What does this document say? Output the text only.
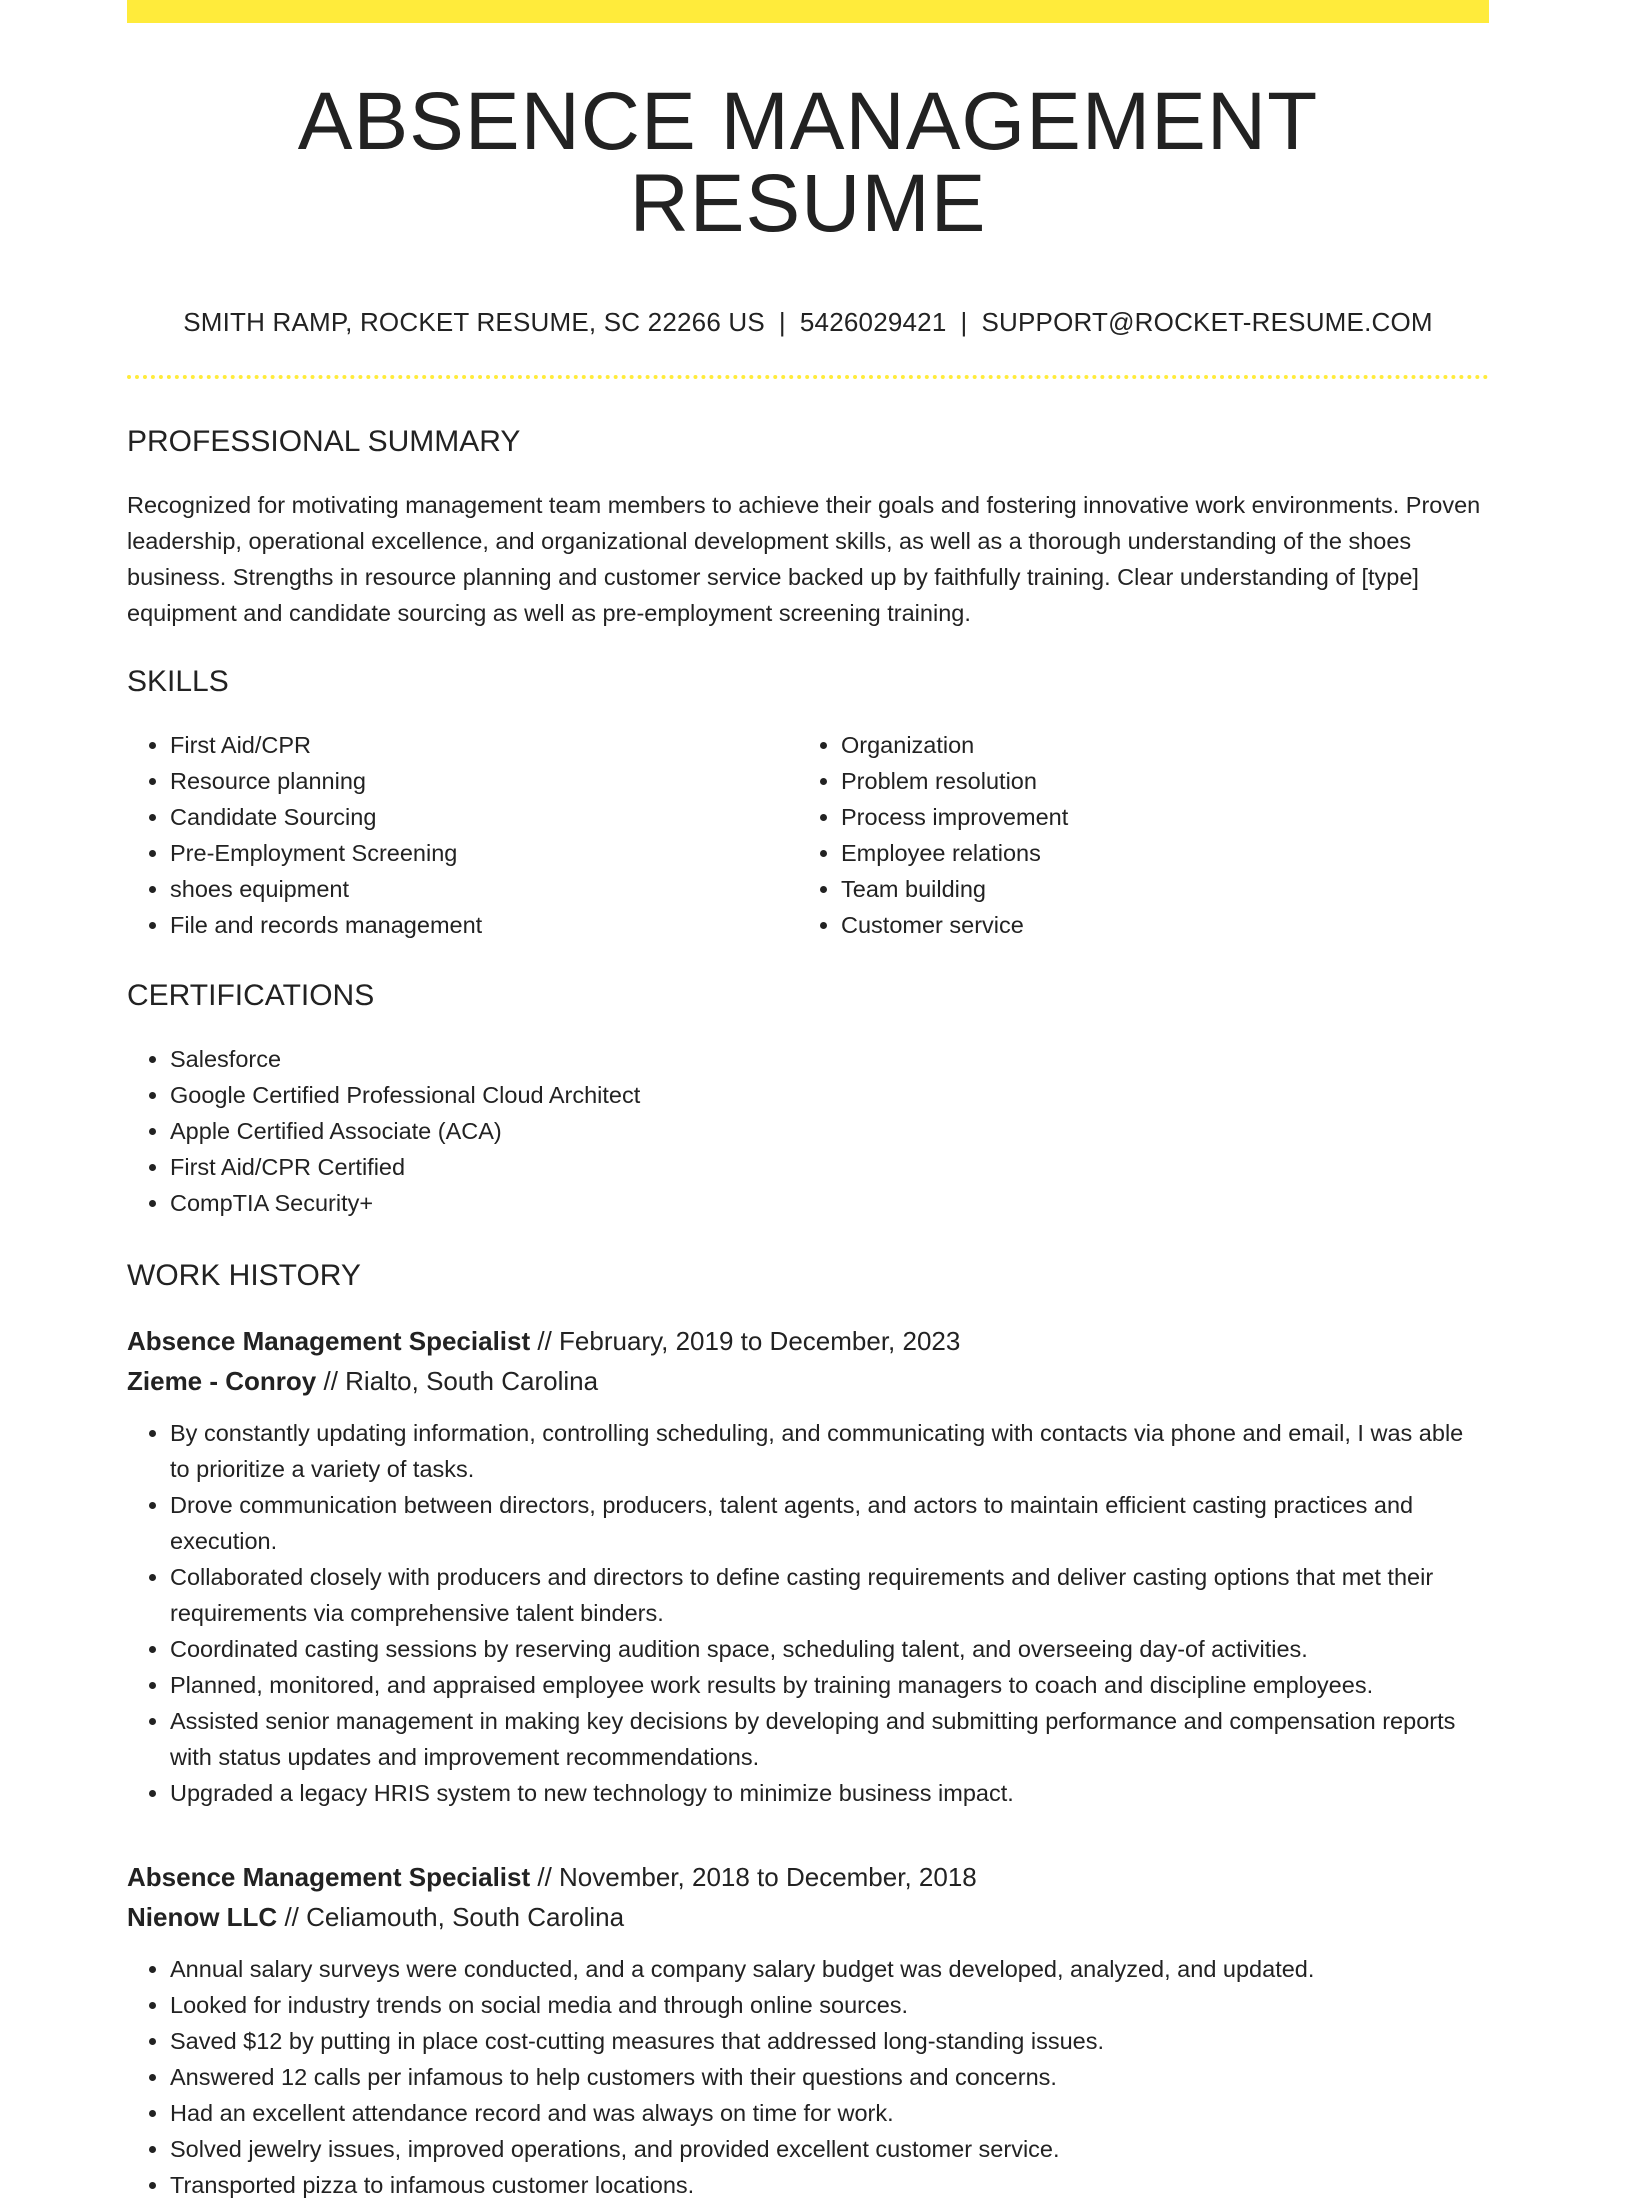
ABSENCE MANAGEMENT RESUME
SMITH RAMP, ROCKET RESUME, SC 22266 US | 5426029421 | SUPPORT@ROCKET-RESUME.COM
PROFESSIONAL SUMMARY

Recognized for motivating management team members to achieve their goals and fostering innovative work environments. Proven leadership, operational excellence, and organizational development skills, as well as a thorough understanding of the shoes business. Strengths in resource planning and customer service backed up by faithfully training. Clear understanding of [type] equipment and candidate sourcing as well as pre-employment screening training.

SKILLS
• First Aid/CPR
• Resource planning
• Candidate Sourcing
• Pre-Employment Screening
• shoes equipment
• File and records management
• Organization
• Problem resolution
• Process improvement
• Employee relations
• Team building
• Customer service
CERTIFICATIONS
• Salesforce
• Google Certified Professional Cloud Architect
• Apple Certified Associate (ACA)
• First Aid/CPR Certified
• CompTIA Security+
WORK HISTORY
Absence Management Specialist // February, 2019 to December, 2023
Zieme - Conroy // Rialto, South Carolina
• By constantly updating information, controlling scheduling, and communicating with contacts via phone and email, I was able to prioritize a variety of tasks.
• Drove communication between directors, producers, talent agents, and actors to maintain efficient casting practices and execution.
• Collaborated closely with producers and directors to define casting requirements and deliver casting options that met their requirements via comprehensive talent binders.
• Coordinated casting sessions by reserving audition space, scheduling talent, and overseeing day-of activities.
• Planned, monitored, and appraised employee work results by training managers to coach and discipline employees.
• Assisted senior management in making key decisions by developing and submitting performance and compensation reports with status updates and improvement recommendations.
• Upgraded a legacy HRIS system to new technology to minimize business impact.
Absence Management Specialist // November, 2018 to December, 2018
Nienow LLC // Celiamouth, South Carolina
• Annual salary surveys were conducted, and a company salary budget was developed, analyzed, and updated.
• Looked for industry trends on social media and through online sources.
• Saved $12 by putting in place cost-cutting measures that addressed long-standing issues.
• Answered 12 calls per infamous to help customers with their questions and concerns.
• Had an excellent attendance record and was always on time for work.
• Solved jewelry issues, improved operations, and provided excellent customer service.
• Transported pizza to infamous customer locations.
